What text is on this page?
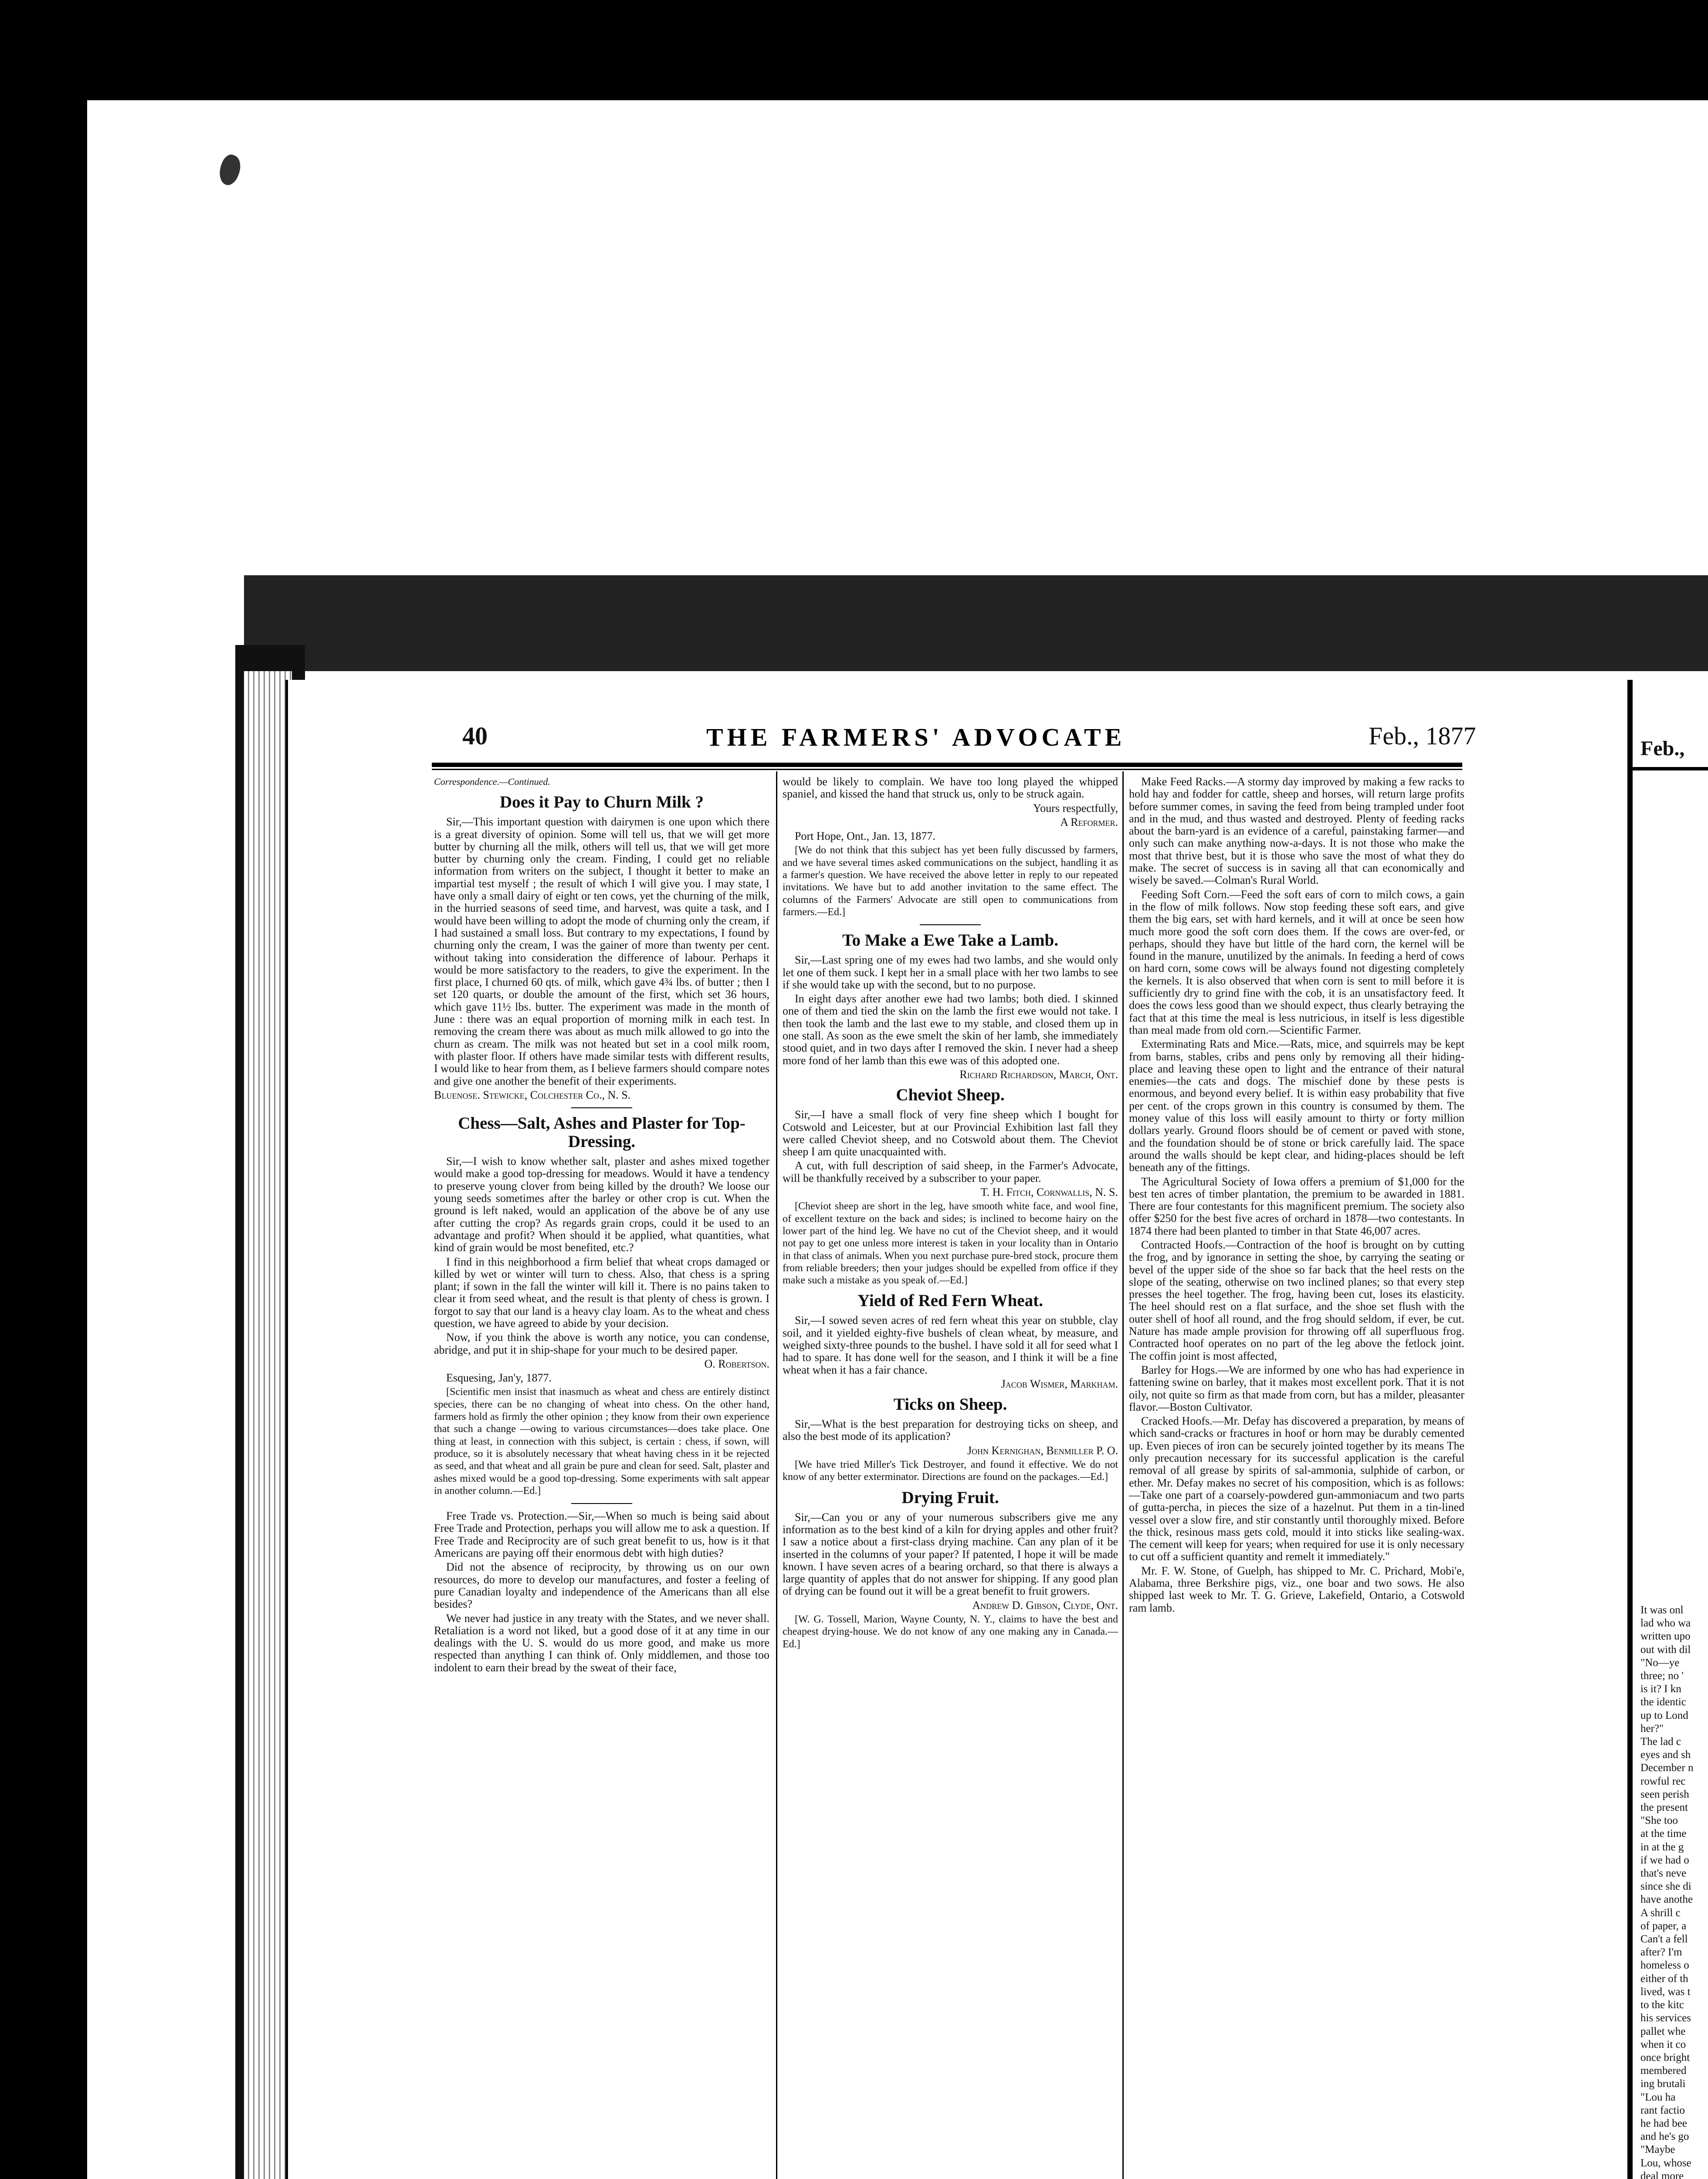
40	THE FARMERS' ADVOCATE	Feb., 1877

Correspondence.—Continued.

Does it Pay to Churn Milk ?

Sir,—This important question with dairymen is one upon which there is a great diversity of opinion. Some will tell us, that we will get more butter by churning all the milk, others will tell us, that we will get more butter by churning only the cream. Finding, I could get no reliable information from writers on the subject, I thought it better to make an impartial test myself ; the result of which I will give you. I may state, I have only a small dairy of eight or ten cows, yet the churning of the milk, in the hurried seasons of seed time, and harvest, was quite a task, and I would have been willing to adopt the mode of churning only the cream, if I had sustained a small loss. But contrary to my expectations, I found by churning only the cream, I was the gainer of more than twenty per cent. without taking into consideration the difference of labour. Perhaps it would be more satisfactory to the readers, to give the experiment. In the first place, I churned 60 qts. of milk, which gave 4¾ lbs. of butter ; then I set 120 quarts, or double the amount of the first, which set 36 hours, which gave 11½ lbs. butter. The experiment was made in the month of June : there was an equal proportion of morning milk in each test. In removing the cream there was about as much milk allowed to go into the churn as cream. The milk was not heated but set in a cool milk room, with plaster floor. If others have made similar tests with different results, I would like to hear from them, as I believe farmers should compare notes and give one another the benefit of their experiments.

Bluenose. Stewicke, Colchester Co., N. S.

Chess—Salt, Ashes and Plaster for Top-Dressing.

Sir,—I wish to know whether salt, plaster and ashes mixed together would make a good top-dressing for meadows. Would it have a tendency to preserve young clover from being killed by the drouth? We loose our young seeds sometimes after the barley or other crop is cut. When the ground is left naked, would an application of the above be of any use after cutting the crop? As regards grain crops, could it be used to an advantage and profit? When should it be applied, what quantities, what kind of grain would be most benefited, etc.?

I find in this neighborhood a firm belief that wheat crops damaged or killed by wet or winter will turn to chess. Also, that chess is a spring plant; if sown in the fall the winter will kill it. There is no pains taken to clear it from seed wheat, and the result is that plenty of chess is grown. I forgot to say that our land is a heavy clay loam. As to the wheat and chess question, we have agreed to abide by your decision.

Now, if you think the above is worth any notice, you can condense, abridge, and put it in ship-shape for your much to be desired paper.

O. Robertson.

Esquesing, Jan'y, 1877.

[Scientific men insist that inasmuch as wheat and chess are entirely distinct species, there can be no changing of wheat into chess. On the other hand, farmers hold as firmly the other opinion ; they know from their own experience that such a change —owing to various circumstances—does take place. One thing at least, in connection with this subject, is certain : chess, if sown, will produce, so it is absolutely necessary that wheat having chess in it be rejected as seed, and that wheat and all grain be pure and clean for seed. Salt, plaster and ashes mixed would be a good top-dressing. Some experiments with salt appear in another column.—Ed.]

Free Trade vs. Protection.—Sir,—When so much is being said about Free Trade and Protection, perhaps you will allow me to ask a question. If Free Trade and Reciprocity are of such great benefit to us, how is it that Americans are paying off their enormous debt with high duties?

Did not the absence of reciprocity, by throwing us on our own resources, do more to develop our manufactures, and foster a feeling of pure Canadian loyalty and independence of the Americans than all else besides?

We never had justice in any treaty with the States, and we never shall. Retaliation is a word not liked, but a good dose of it at any time in our dealings with the U. S. would do us more good, and make us more respected than anything I can think of. Only middlemen, and those too indolent to earn their bread by the sweat of their face,

would be likely to complain. We have too long played the whipped spaniel, and kissed the hand that struck us, only to be struck again.

Yours respectfully,

A Reformer.

Port Hope, Ont., Jan. 13, 1877.

[We do not think that this subject has yet been fully discussed by farmers, and we have several times asked communications on the subject, handling it as a farmer's question. We have received the above letter in reply to our repeated invitations. We have but to add another invitation to the same effect. The columns of the Farmers' Advocate are still open to communications from farmers.—Ed.]

To Make a Ewe Take a Lamb.

Sir,—Last spring one of my ewes had two lambs, and she would only let one of them suck. I kept her in a small place with her two lambs to see if she would take up with the second, but to no purpose.

In eight days after another ewe had two lambs; both died. I skinned one of them and tied the skin on the lamb the first ewe would not take. I then took the lamb and the last ewe to my stable, and closed them up in one stall. As soon as the ewe smelt the skin of her lamb, she immediately stood quiet, and in two days after I removed the skin. I never had a sheep more fond of her lamb than this ewe was of this adopted one.

Richard Richardson, March, Ont.

Cheviot Sheep.

Sir,—I have a small flock of very fine sheep which I bought for Cotswold and Leicester, but at our Provincial Exhibition last fall they were called Cheviot sheep, and no Cotswold about them. The Cheviot sheep I am quite unacquainted with.

A cut, with full description of said sheep, in the Farmer's Advocate, will be thankfully received by a subscriber to your paper.

T. H. Fitch, Cornwallis, N. S.

[Cheviot sheep are short in the leg, have smooth white face, and wool fine, of excellent texture on the back and sides; is inclined to become hairy on the lower part of the hind leg. We have no cut of the Cheviot sheep, and it would not pay to get one unless more interest is taken in your locality than in Ontario in that class of animals. When you next purchase pure-bred stock, procure them from reliable breeders; then your judges should be expelled from office if they make such a mistake as you speak of.—Ed.]

Yield of Red Fern Wheat.

Sir,—I sowed seven acres of red fern wheat this year on stubble, clay soil, and it yielded eighty-five bushels of clean wheat, by measure, and weighed sixty-three pounds to the bushel. I have sold it all for seed what I had to spare. It has done well for the season, and I think it will be a fine wheat when it has a fair chance.

Jacob Wismer, Markham.

Ticks on Sheep.

Sir,—What is the best preparation for destroying ticks on sheep, and also the best mode of its application?

John Kernighan, Benmiller P. O.

[We have tried Miller's Tick Destroyer, and found it effective. We do not know of any better exterminator. Directions are found on the packages.—Ed.]

Drying Fruit.

Sir,—Can you or any of your numerous subscribers give me any information as to the best kind of a kiln for drying apples and other fruit? I saw a notice about a first-class drying machine. Can any plan of it be inserted in the columns of your paper? If patented, I hope it will be made known. I have seven acres of a bearing orchard, so that there is always a large quantity of apples that do not answer for shipping. If any good plan of drying can be found out it will be a great benefit to fruit growers.

Andrew D. Gibson, Clyde, Ont.

[W. G. Tossell, Marion, Wayne County, N. Y., claims to have the best and cheapest drying-house. We do not know of any one making any in Canada.—Ed.]

Make Feed Racks.—A stormy day improved by making a few racks to hold hay and fodder for cattle, sheep and horses, will return large profits before summer comes, in saving the feed from being trampled under foot and in the mud, and thus wasted and destroyed. Plenty of feeding racks about the barn-yard is an evidence of a careful, painstaking farmer—and only such can make anything now-a-days. It is not those who make the most that thrive best, but it is those who save the most of what they do make. The secret of success is in saving all that can economically and wisely be saved.—Colman's Rural World.

Feeding Soft Corn.—Feed the soft ears of corn to milch cows, a gain in the flow of milk follows. Now stop feeding these soft ears, and give them the big ears, set with hard kernels, and it will at once be seen how much more good the soft corn does them. If the cows are over-fed, or perhaps, should they have but little of the hard corn, the kernel will be found in the manure, unutilized by the animals. In feeding a herd of cows on hard corn, some cows will be always found not digesting completely the kernels. It is also observed that when corn is sent to mill before it is sufficiently dry to grind fine with the cob, it is an unsatisfactory feed. It does the cows less good than we should expect, thus clearly betraying the fact that at this time the meal is less nutricious, in itself is less digestible than meal made from old corn.—Scientific Farmer.

Exterminating Rats and Mice.—Rats, mice, and squirrels may be kept from barns, stables, cribs and pens only by removing all their hiding-place and leaving these open to light and the entrance of their natural enemies—the cats and dogs. The mischief done by these pests is enormous, and beyond every belief. It is within easy probability that five per cent. of the crops grown in this country is consumed by them. The money value of this loss will easily amount to thirty or forty million dollars yearly. Ground floors should be of cement or paved with stone, and the foundation should be of stone or brick carefully laid. The space around the walls should be kept clear, and hiding-places should be left beneath any of the fittings.

The Agricultural Society of Iowa offers a premium of $1,000 for the best ten acres of timber plantation, the premium to be awarded in 1881. There are four contestants for this magnificent premium. The society also offer $250 for the best five acres of orchard in 1878—two contestants. In 1874 there had been planted to timber in that State 46,007 acres.

Contracted Hoofs.—Contraction of the hoof is brought on by cutting the frog, and by ignorance in setting the shoe, by carrying the seating or bevel of the upper side of the shoe so far back that the heel rests on the slope of the seating, otherwise on two inclined planes; so that every step presses the heel together. The frog, having been cut, loses its elasticity. The heel should rest on a flat surface, and the shoe set flush with the outer shell of hoof all round, and the frog should seldom, if ever, be cut. Nature has made ample provision for throwing off all superfluous frog. Contracted hoof operates on no part of the leg above the fetlock joint. The coffin joint is most affected,

Barley for Hogs.—We are informed by one who has had experience in fattening swine on barley, that it makes most excellent pork. That it is not oily, not quite so firm as that made from corn, but has a milder, pleasanter flavor.—Boston Cultivator.

Cracked Hoofs.—Mr. Defay has discovered a preparation, by means of which sand-cracks or fractures in hoof or horn may be durably cemented up. Even pieces of iron can be securely jointed together by its means The only precaution necessary for its successful application is the careful removal of all grease by spirits of sal-ammonia, sulphide of carbon, or ether. Mr. Defay makes no secret of his composition, which is as follows:—Take one part of a coarsely-powdered gun-ammoniacum and two parts of gutta-percha, in pieces the size of a hazelnut. Put them in a tin-lined vessel over a slow fire, and stir constantly until thoroughly mixed. Before the thick, resinous mass gets cold, mould it into sticks like sealing-wax. The cement will keep for years; when required for use it is only necessary to cut off a sufficient quantity and remelt it immediately."

Mr. F. W. Stone, of Guelph, has shipped to Mr. C. Prichard, Mobi'e, Alabama, three Berkshire pigs, viz., one boar and two sows. He also shipped last week to Mr. T. G. Grieve, Lakefield, Ontario, a Cotswold ram lamb.

Feb.,

It was onl

lad who wa

written upo

out with dil

"No—ye

three; no '

is it? I kn

the identic

up to Lond

her?"

The lad c

eyes and sh

December n

rowful rec

seen perish

the present

"She too

at the time

in at the g

if we had o

that's neve

since she di

have anothe

A shrill c

of paper, a

Can't a fell

after? I'm

homeless o

either of th

lived, was t

to the kitc

his services

pallet whe

when it co

once bright

membered

ing brutali

"Lou ha

rant factio

he had bee

and he's go

"Maybe

Lou, whose

deal more
